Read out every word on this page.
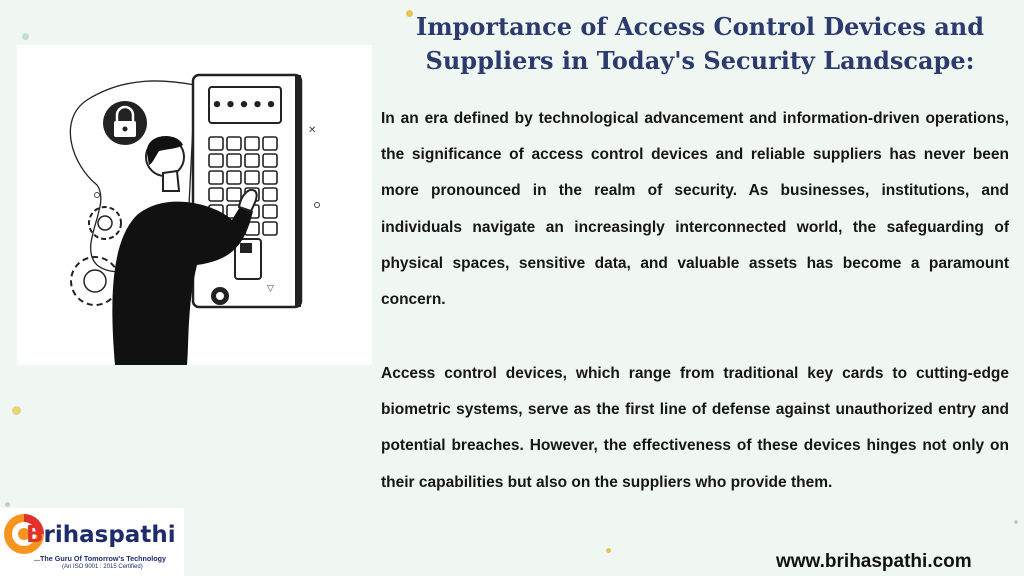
Importance of Access Control Devices and
Suppliers in Today's Security Landscape:
•••••
✕
▽

In an era defined by technological advancement and information-driven operations, the significance of access control devices and reliable suppliers has never been more pronounced in the realm of security. As businesses, institutions, and individuals navigate an increasingly interconnected world, the safeguarding of physical spaces, sensitive data, and valuable assets has become a paramount concern.

Access control devices, which range from traditional key cards to cutting-edge biometric systems, serve as the first line of defense against unauthorized entry and potential breaches. However, the effectiveness of these devices hinges not only on their capabilities but also on the suppliers who provide them.

Brihaspathi
...The Guru Of Tomorrow's Technology
(An ISO 9001 : 2015 Certified)	www.brihaspathi.com
